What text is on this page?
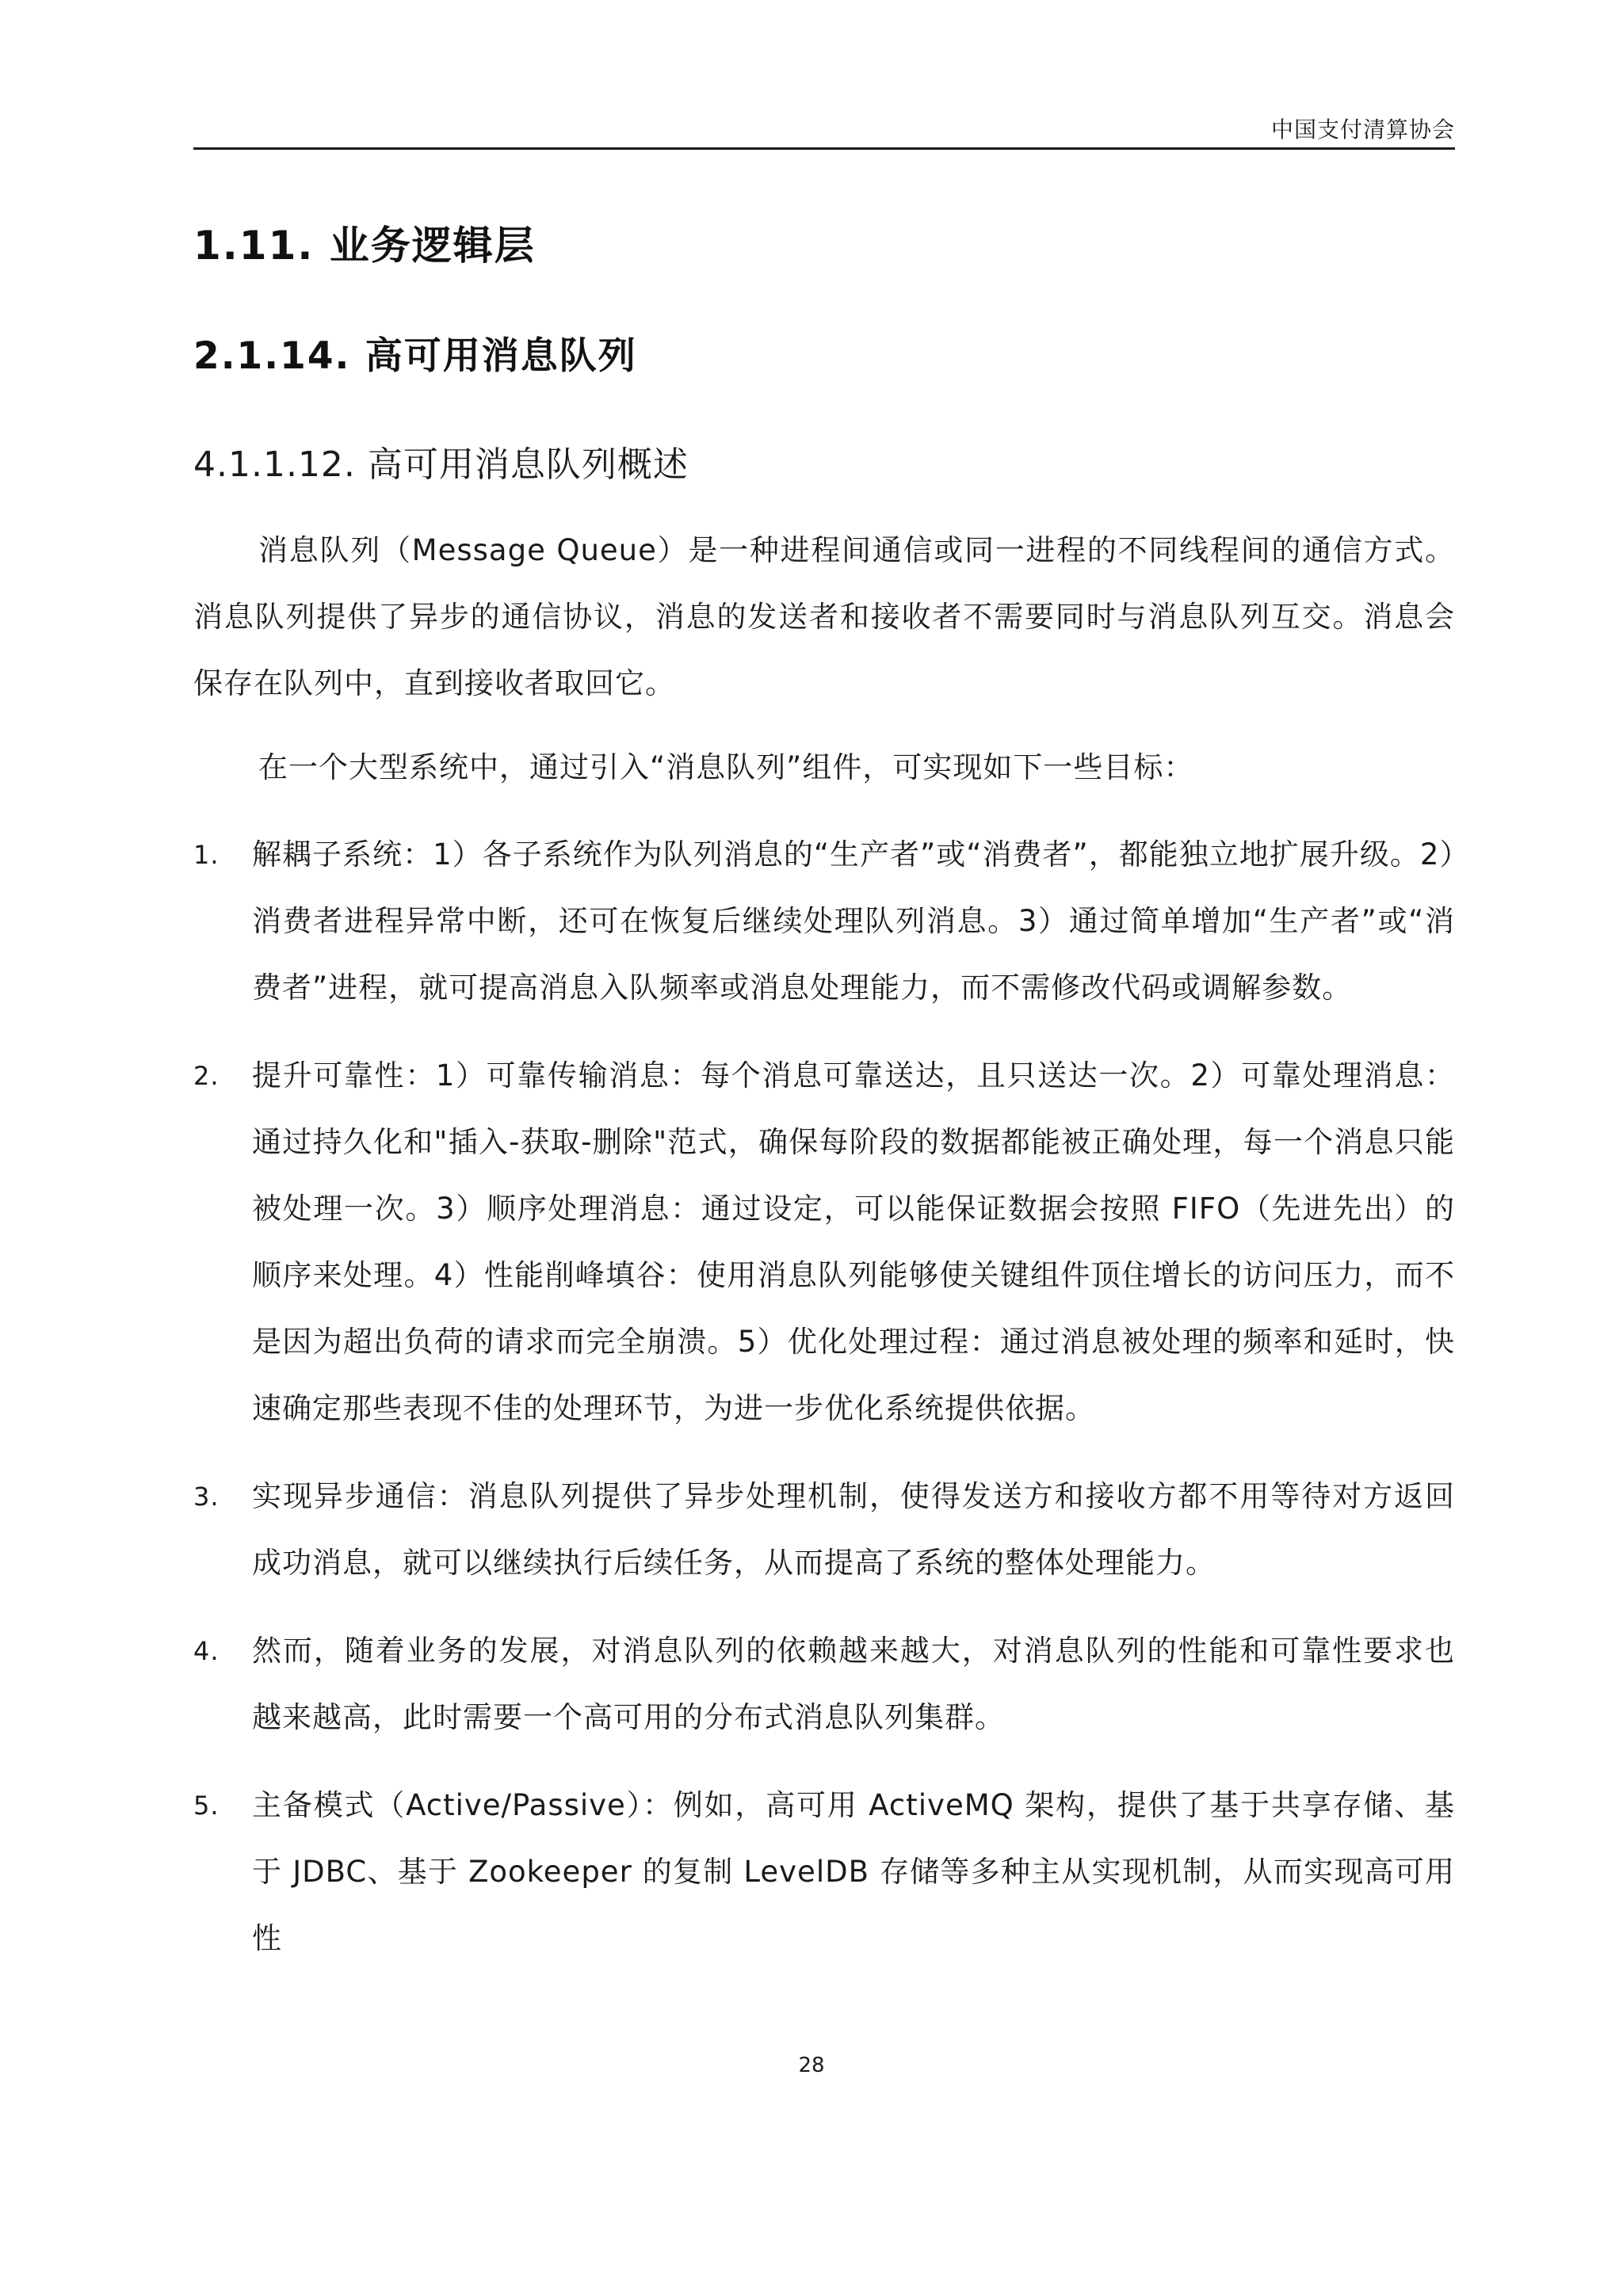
中国支付清算协会
1.11. 业务逻辑层
2.1.14. 高可用消息队列
4.1.1.12. 高可用消息队列概述

消息队列（Message Queue）是一种进程间通信或同一进程的不同线程间的通信方式。消息队列提供了异步的通信协议，消息的发送者和接收者不需要同时与消息队列互交。消息会保存在队列中，直到接收者取回它。

在一个大型系统中，通过引入“消息队列”组件，可实现如下一些目标：

1. 解耦子系统：1）各子系统作为队列消息的“生产者”或“消费者”，都能独立地扩展升级。2）消费者进程异常中断，还可在恢复后继续处理队列消息。3）通过简单增加“生产者”或“消费者”进程，就可提高消息入队频率或消息处理能力，而不需修改代码或调解参数。
2. 提升可靠性：1）可靠传输消息：每个消息可靠送达，且只送达一次。2）可靠处理消息：通过持久化和"插入-获取-删除"范式，确保每阶段的数据都能被正确处理，每一个消息只能被处理一次。3）顺序处理消息：通过设定，可以能保证数据会按照 FIFO（先进先出）的顺序来处理。4）性能削峰填谷：使用消息队列能够使关键组件顶住增长的访问压力，而不是因为超出负荷的请求而完全崩溃。5）优化处理过程：通过消息被处理的频率和延时，快速确定那些表现不佳的处理环节，为进一步优化系统提供依据。
3. 实现异步通信：消息队列提供了异步处理机制，使得发送方和接收方都不用等待对方返回成功消息，就可以继续执行后续任务，从而提高了系统的整体处理能力。
4. 然而，随着业务的发展，对消息队列的依赖越来越大，对消息队列的性能和可靠性要求也越来越高，此时需要一个高可用的分布式消息队列集群。
5. 主备模式（Active/Passive）：例如，高可用 ActiveMQ 架构，提供了基于共享存储、基于 JDBC、基于 Zookeeper 的复制 LevelDB 存储等多种主从实现机制，从而实现高可用性
28
